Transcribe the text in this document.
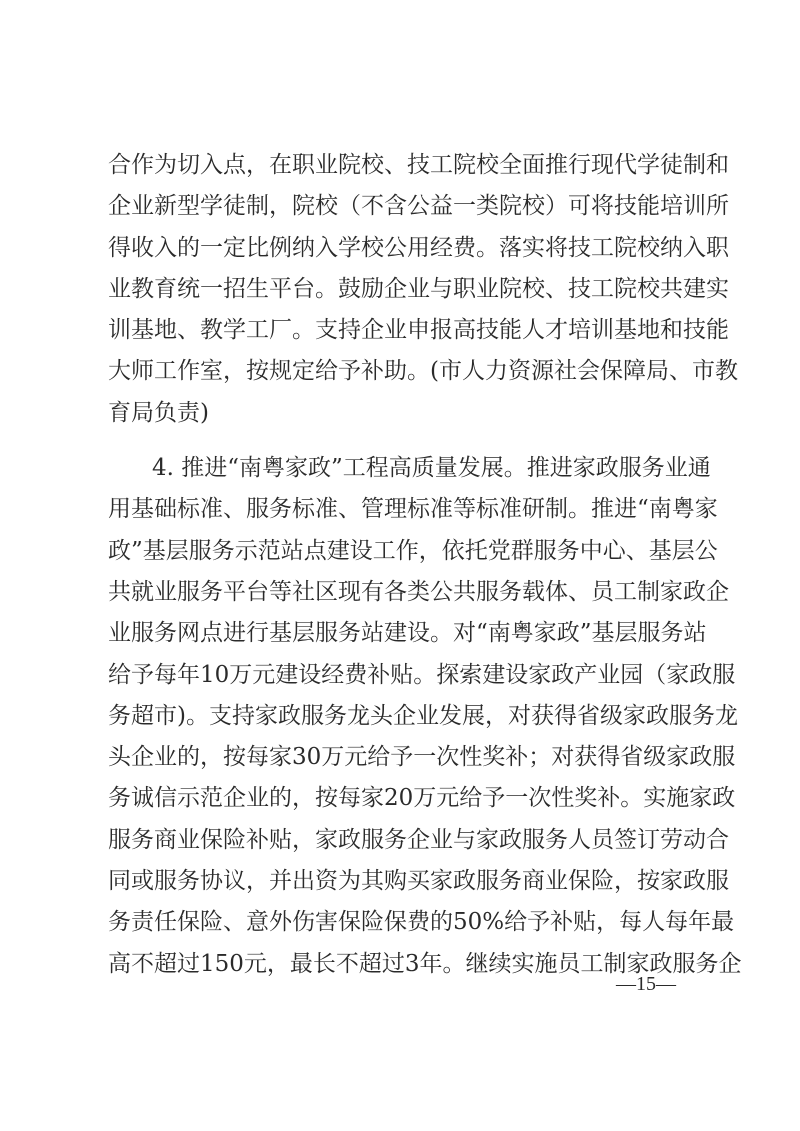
合作为切入点，在职业院校、技工院校全面推行现代学徒制和
企业新型学徒制，院校（不含公益一类院校）可将技能培训所
得收入的一定比例纳入学校公用经费。落实将技工院校纳入职
业教育统一招生平台。鼓励企业与职业院校、技工院校共建实
训基地、教学工厂。支持企业申报高技能人才培训基地和技能
大师工作室，按规定给予补助。(市人力资源社会保障局、市教
育局负责)
4. 推进“南粤家政”工程高质量发展。推进家政服务业通
用基础标准、服务标准、管理标准等标准研制。推进“南粤家
政”基层服务示范站点建设工作，依托党群服务中心、基层公
共就业服务平台等社区现有各类公共服务载体、员工制家政企
业服务网点进行基层服务站建设。对“南粤家政”基层服务站
给予每年10万元建设经费补贴。探索建设家政产业园（家政服
务超市)。支持家政服务龙头企业发展，对获得省级家政服务龙
头企业的，按每家30万元给予一次性奖补；对获得省级家政服
务诚信示范企业的，按每家20万元给予一次性奖补。实施家政
服务商业保险补贴，家政服务企业与家政服务人员签订劳动合
同或服务协议，并出资为其购买家政服务商业保险，按家政服
务责任保险、意外伤害保险保费的50%给予补贴，每人每年最
高不超过150元，最长不超过3年。继续实施员工制家政服务企
—15—
